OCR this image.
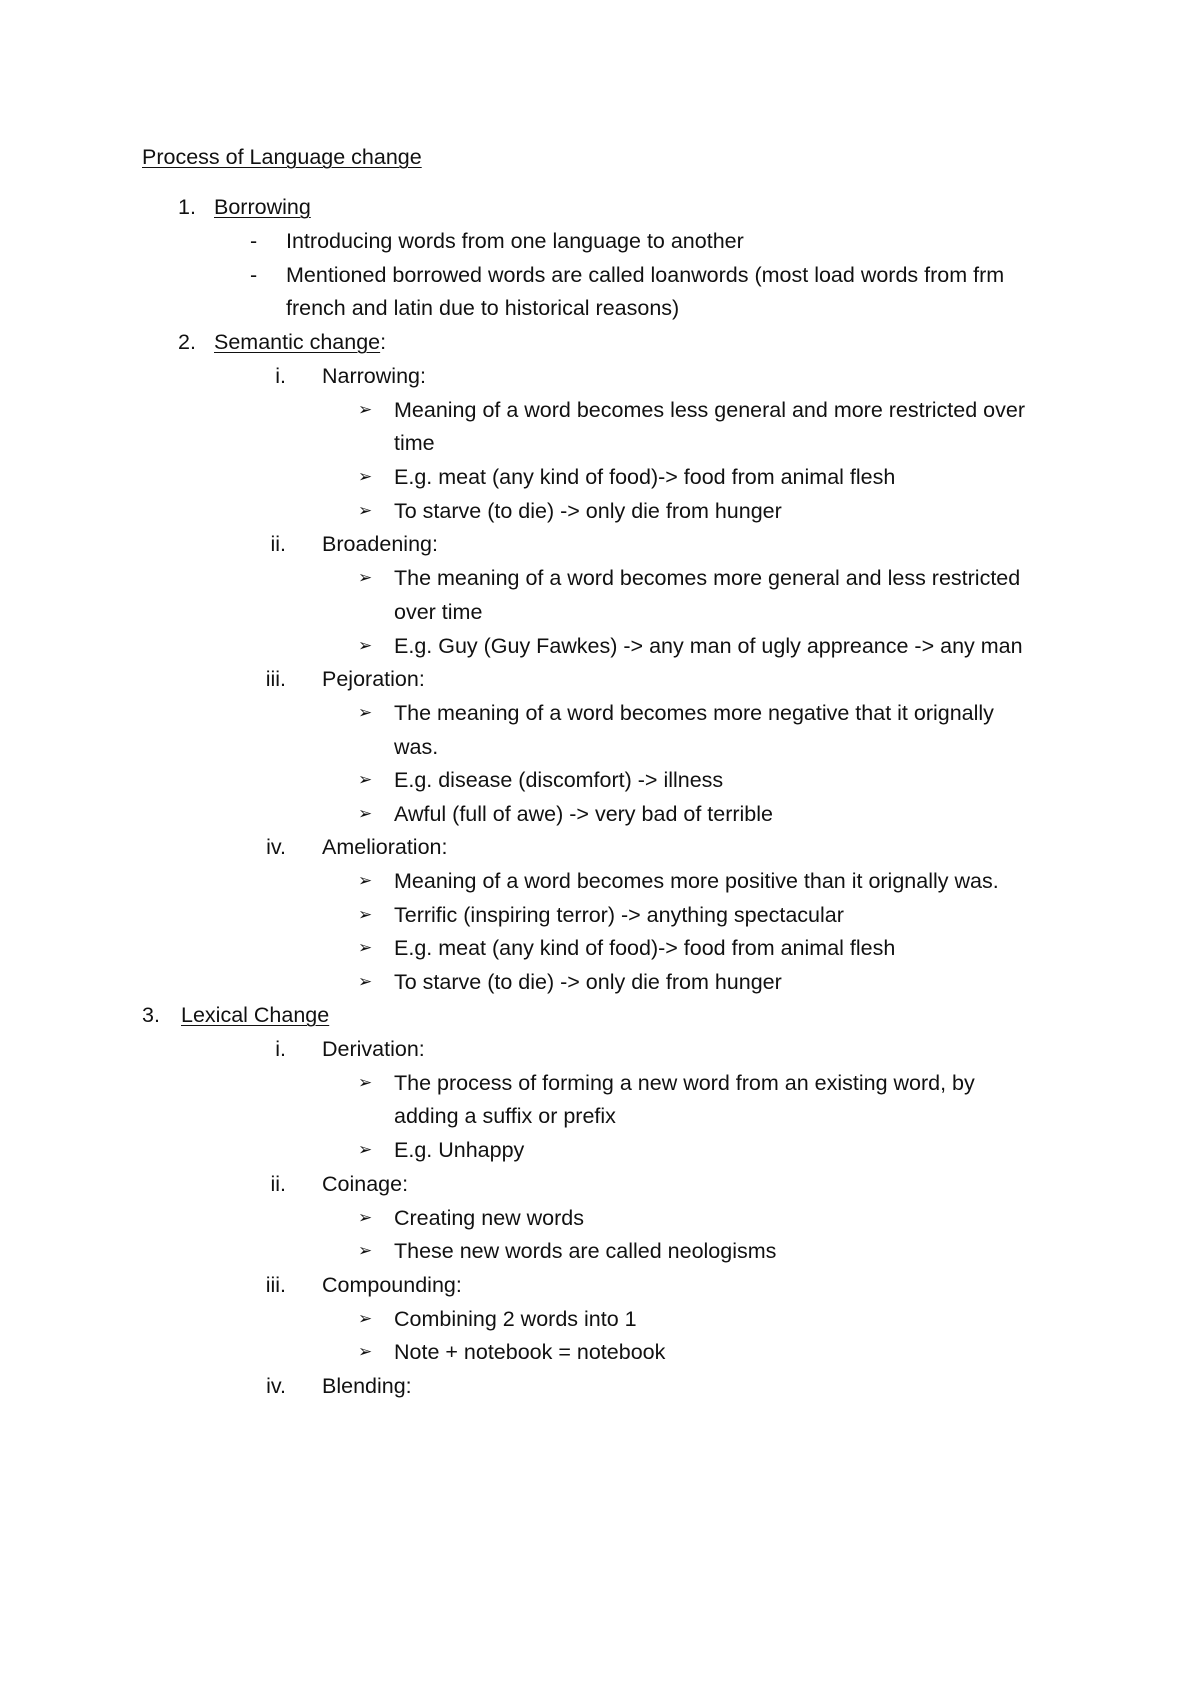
Process of Language change
1. Borrowing
- Introducing words from one language to another
- Mentioned borrowed words are called loanwords (most load words from frm
french and latin due to historical reasons)
2. Semantic change:
i. Narrowing:
➢ Meaning of a word becomes less general and more restricted over
time
➢ E.g. meat (any kind of food)-> food from animal flesh
➢ To starve (to die) -> only die from hunger
ii. Broadening:
➢ The meaning of a word becomes more general and less restricted
over time
➢ E.g. Guy (Guy Fawkes) -> any man of ugly appreance -> any man
iii. Pejoration:
➢ The meaning of a word becomes more negative that it orignally
was.
➢ E.g. disease (discomfort) -> illness
➢ Awful (full of awe) -> very bad of terrible
iv. Amelioration:
➢ Meaning of a word becomes more positive than it orignally was.
➢ Terrific (inspiring terror) -> anything spectacular
➢ E.g. meat (any kind of food)-> food from animal flesh
➢ To starve (to die) -> only die from hunger
3. Lexical Change
i. Derivation:
➢ The process of forming a new word from an existing word, by
adding a suffix or prefix
➢ E.g. Unhappy
ii. Coinage:
➢ Creating new words
➢ These new words are called neologisms
iii. Compounding:
➢ Combining 2 words into 1
➢ Note + notebook = notebook
iv. Blending:
